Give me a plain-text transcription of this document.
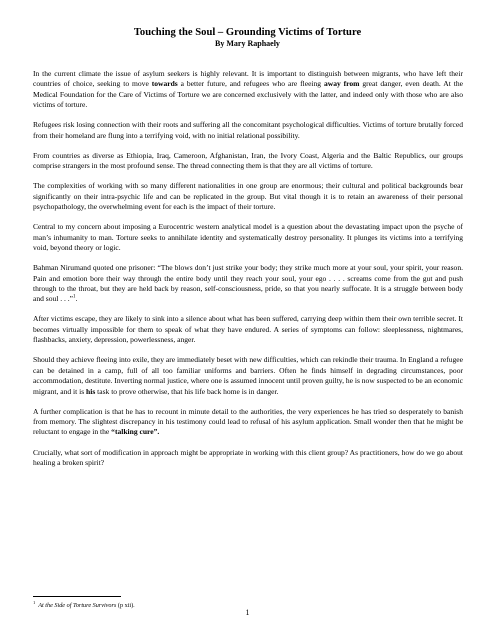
Touching the Soul – Grounding Victims of Torture
By Mary Raphaely

In the current climate the issue of asylum seekers is highly relevant. It is important to distinguish between migrants, who have left their countries of choice, seeking to move towards a better future, and refugees who are fleeing away from great danger, even death. At the Medical Foundation for the Care of Victims of Torture we are concerned exclusively with the latter, and indeed only with those who are also victims of torture.

Refugees risk losing connection with their roots and suffering all the concomitant psychological difficulties. Victims of torture brutally forced from their homeland are flung into a terrifying void, with no initial relational possibility.

From countries as diverse as Ethiopia, Iraq, Cameroon, Afghanistan, Iran, the Ivory Coast, Algeria and the Baltic Republics, our groups comprise strangers in the most profound sense. The thread connecting them is that they are all victims of torture.

The complexities of working with so many different nationalities in one group are enormous; their cultural and political backgrounds bear significantly on their intra-psychic life and can be replicated in the group. But vital though it is to retain an awareness of their personal psychopathology, the overwhelming event for each is the impact of their torture.

Central to my concern about imposing a Eurocentric western analytical model is a question about the devastating impact upon the psyche of man’s inhumanity to man. Torture seeks to annihilate identity and systematically destroy personality. It plunges its victims into a terrifying void, beyond theory or logic.

Bahman Nirumand quoted one prisoner: “The blows don’t just strike your body; they strike much more at your soul, your spirit, your reason. Pain and emotion bore their way through the entire body until they reach your soul, your ego . . . . screams come from the gut and push through to the throat, but they are held back by reason, self-consciousness, pride, so that you nearly suffocate. It is a struggle between body and soul . . .”$^1$.

After victims escape, they are likely to sink into a silence about what has been suffered, carrying deep within them their own terrible secret. It becomes virtually impossible for them to speak of what they have endured. A series of symptoms can follow: sleeplessness, nightmares, flashbacks, anxiety, depression, powerlessness, anger.

Should they achieve fleeing into exile, they are immediately beset with new difficulties, which can rekindle their trauma. In England a refugee can be detained in a camp, full of all too familiar uniforms and barriers. Often he finds himself in degrading circumstances, poor accommodation, destitute. Inverting normal justice, where one is assumed innocent until proven guilty, he is now suspected to be an economic migrant, and it is his task to prove otherwise, that his life back home is in danger.

A further complication is that he has to recount in minute detail to the authorities, the very experiences he has tried so desperately to banish from memory. The slightest discrepancy in his testimony could lead to refusal of his asylum application. Small wonder then that he might be reluctant to engage in the “talking cure”.

Crucially, what sort of modification in approach might be appropriate in working with this client group? As practitioners, how do we go about healing a broken spirit?

$^1$ At the Side of Torture Survivors (p xii).
1
